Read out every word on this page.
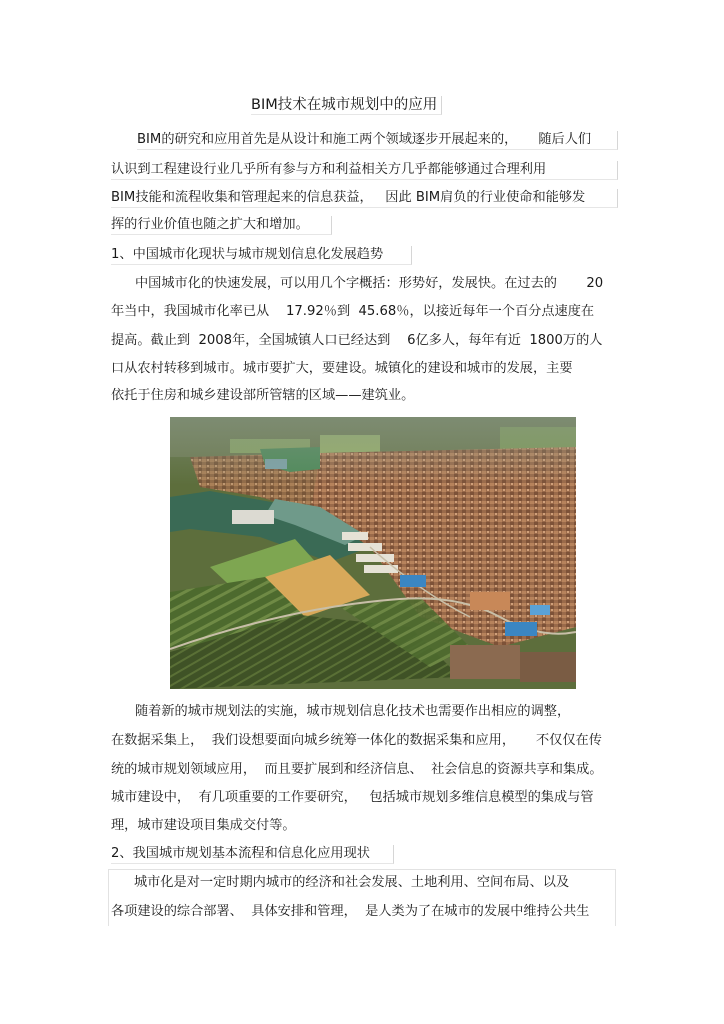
BIM技术在城市规划中的应用
BIM的研究和应用首先是从设计和施工两个领域逐步开展起来的，     随后人们
认识到工程建设行业几乎所有参与方和利益相关方几乎都能够通过合理利用
BIM技能和流程收集和管理起来的信息获益，   因此 BIM肩负的行业使命和能够发
挥的行业价值也随之扩大和增加。
1、中国城市化现状与城市规划信息化发展趋势
中国城市化的快速发展，可以用几个字概括：形势好，发展快。在过去的       20
年当中，我国城市化率已从    17.92％到  45.68％，以接近每年一个百分点速度在
提高。截止到  2008年，全国城镇人口已经达到    6亿多人，每年有近  1800万的人
口从农村转移到城市。城市要扩大，要建设。城镇化的建设和城市的发展，主要
依托于住房和城乡建设部所管辖的区域——建筑业。
随着新的城市规划法的实施，城市规划信息化技术也需要作出相应的调整，
在数据采集上，  我们设想要面向城乡统筹一体化的数据采集和应用，     不仅仅在传
统的城市规划领域应用，  而且要扩展到和经济信息、  社会信息的资源共享和集成。
城市建设中，  有几项重要的工作要研究，   包括城市规划多维信息模型的集成与管
理，城市建设项目集成交付等。
2、我国城市规划基本流程和信息化应用现状
城市化是对一定时期内城市的经济和社会发展、土地利用、空间布局、以及
各项建设的综合部署、  具体安排和管理，  是人类为了在城市的发展中维持公共生
